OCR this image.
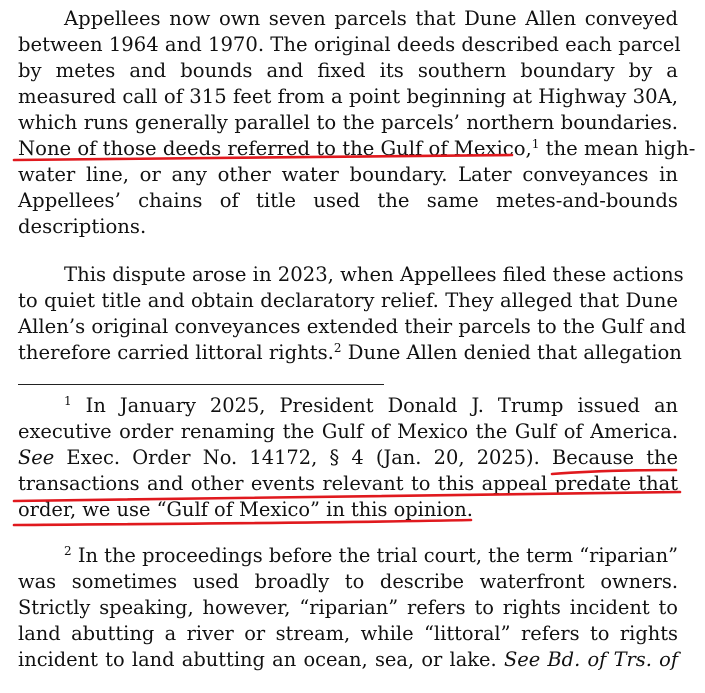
Appellees now own seven parcels that Dune Allen conveyed
between 1964 and 1970. The original deeds described each parcel
by metes and bounds and fixed its southern boundary by a
measured call of 315 feet from a point beginning at Highway 30A,
which runs generally parallel to the parcels’ northern boundaries.
None of those deeds referred to the Gulf of Mexico,$^1$ the mean high-
water line, or any other water boundary. Later conveyances in
Appellees’ chains of title used the same metes-and-bounds
descriptions.
This dispute arose in 2023, when Appellees filed these actions
to quiet title and obtain declaratory relief. They alleged that Dune
Allen’s original conveyances extended their parcels to the Gulf and
therefore carried littoral rights.$^2$ Dune Allen denied that allegation
$^1$ In January 2025, President Donald J. Trump issued an
executive order renaming the Gulf of Mexico the Gulf of America.
See Exec. Order No. 14172, § 4 (Jan. 20, 2025). Because the
transactions and other events relevant to this appeal predate that
order, we use “Gulf of Mexico” in this opinion.
$^2$ In the proceedings before the trial court, the term “riparian”
was sometimes used broadly to describe waterfront owners.
Strictly speaking, however, “riparian” refers to rights incident to
land abutting a river or stream, while “littoral” refers to rights
incident to land abutting an ocean, sea, or lake. See Bd. of Trs. of
